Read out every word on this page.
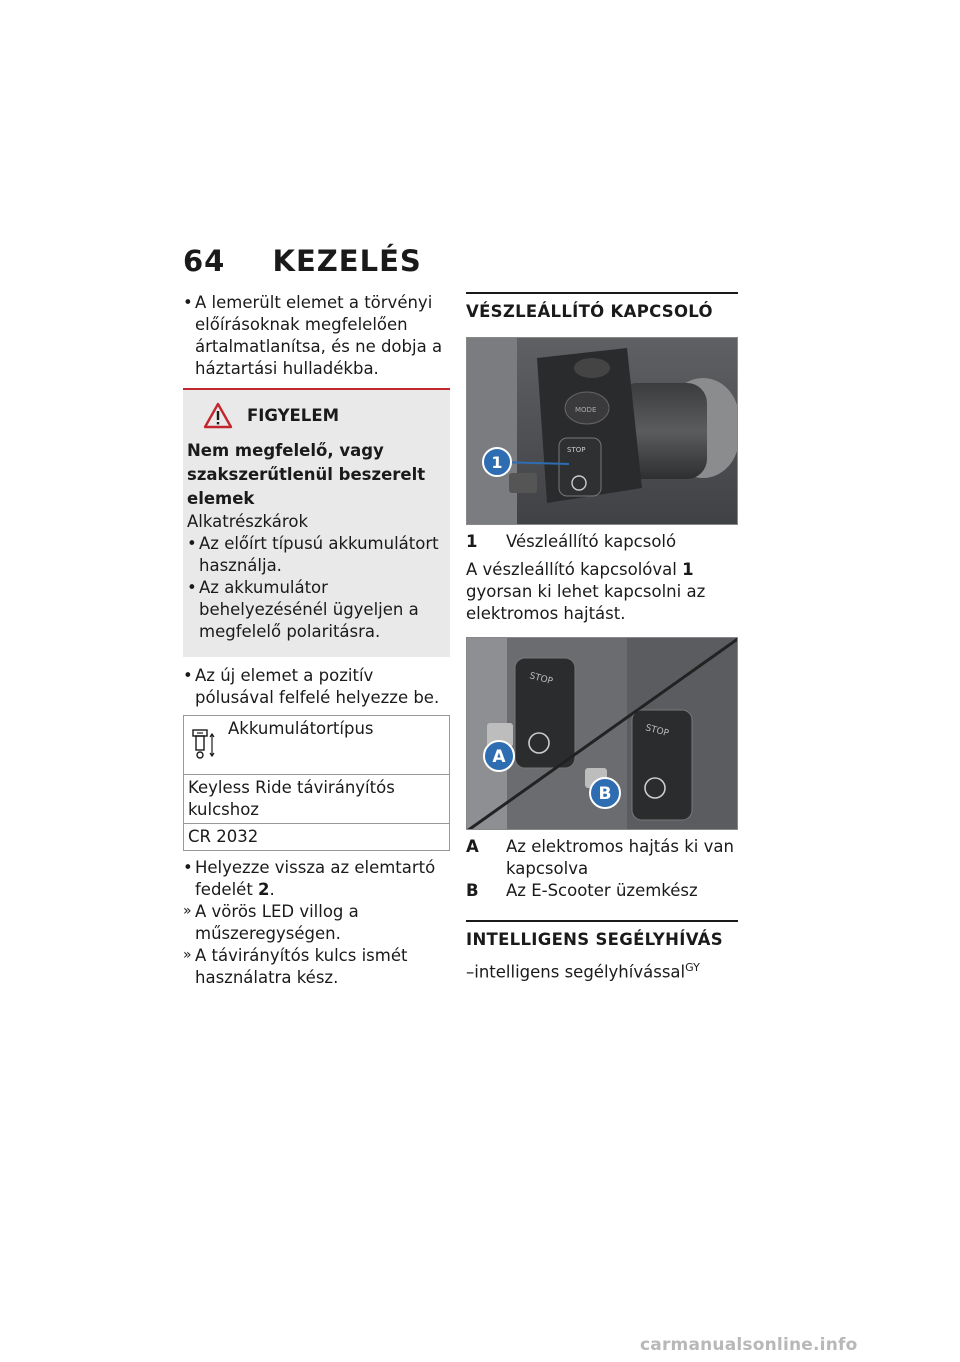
64 KEZELÉS
• A lemerült elemet a törvényi előírásoknak megfelelően ártalmatlanítsa, és ne dobja a háztartási hulladékba.
FIGYELEM
Nem megfelelő, vagy szakszerűtlenül beszerelt elemek
Alkatrészkárok
• Az előírt típusú akkumulátort használja.
• Az akkumulátor behelyezésénél ügyeljen a megfelelő polaritásra.
• Az új elemet a pozitív pólusával felfelé helyezze be.
Akkumulátortípus
Keyless Ride távirányítós kulcshoz
CR 2032
• Helyezze vissza az elemtartó fedelét 2.
» A vörös LED villog a műszeregységen.
» A távirányítós kulcs ismét használatra kész.
VÉSZLEÁLLÍTÓ KAPCSOLÓ
MODE
STOP
1
1	Vészleállító kapcsoló
A vészleállító kapcsolóval 1 gyorsan ki lehet kapcsolni az elektromos hajtást.
STOP
STOP
A
B
A	Az elektromos hajtás ki van kapcsolva
B	Az E-Scooter üzemkész
INTELLIGENS SEGÉLYHÍVÁS
–intelligens segélyhívással$^{GY}$
carmanualsonline.info
